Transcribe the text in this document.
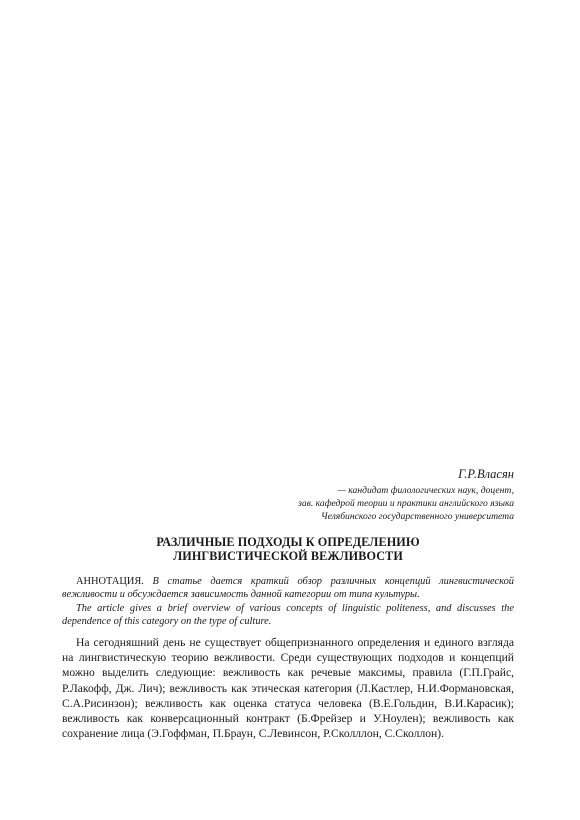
Г.Р.Власян
— кандидат филологических наук, доцент,
зав. кафедрой теории и практики английского языка
Челябинского государственного университета
РАЗЛИЧНЫЕ ПОДХОДЫ К ОПРЕДЕЛЕНИЮ
ЛИНГВИСТИЧЕСКОЙ ВЕЖЛИВОСТИ

АННОТАЦИЯ. В статье дается краткий обзор различных концепций лингвистической вежливости и обсуждается зависимость данной категории от типа культуры.

The article gives a brief overview of various concepts of linguistic politeness, and discusses the dependence of this category on the type of culture.

На сегодняшний день не существует общепризнанного определения и единого взгляда на лингвистическую теорию вежливости. Среди существующих подходов и концепций можно выделить следующие: вежливость как речевые максимы, правила (Г.П.Грайс, Р.Лакофф, Дж. Лич); вежливость как этическая категория (Л.Кастлер, Н.И.Формановская, С.А.Рисинзон); вежливость как оценка статуса человека (В.Е.Гольдин, В.И.Карасик); вежливость как конверсационный контракт (Б.Фрейзер и У.Ноулен); вежливость как сохранение лица (Э.Гоффман, П.Браун, С.Левинсон, Р.Сколллон, С.Сколлон).
